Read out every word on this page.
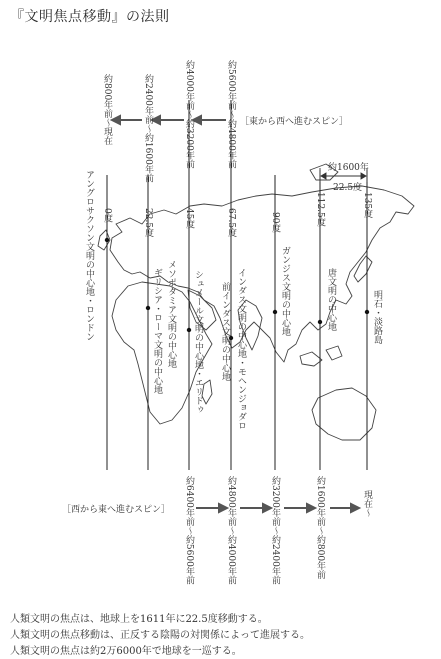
『文明焦点移動』の法則
［東から西へ進むスピン］
約800年前〜現在	約2400年前〜約1600年前	約4000年前〜約3200年前	約5600年前〜約4800年前
0度	22.5度	45度	67.5度	90度	112.5度	135度
約1600年
22.5度
アングロサクソン文明の中心地・ロンドン	ギリシア・ローマ文明の中心地 メソポタミア文明の中心地 シュメール文明の中心地・エリドゥ 前インダス文明の中心地 インダス文明の中心地・モヘンジョダロ	ガンジス文明の中心地	唐文明の中心地	明石・淡路島
［西から東へ進むスピン］ 約6400年前〜約5600年前	約4800年前〜約4000年前	約3200年前〜約2400年前	約1600年前〜約800年前	現在〜
人類文明の焦点は、地球上を1611年に22.5度移動する。
人類文明の焦点移動は、正反する陰陽の対関係によって進展する。
人類文明の焦点は約2万6000年で地球を一巡する。
